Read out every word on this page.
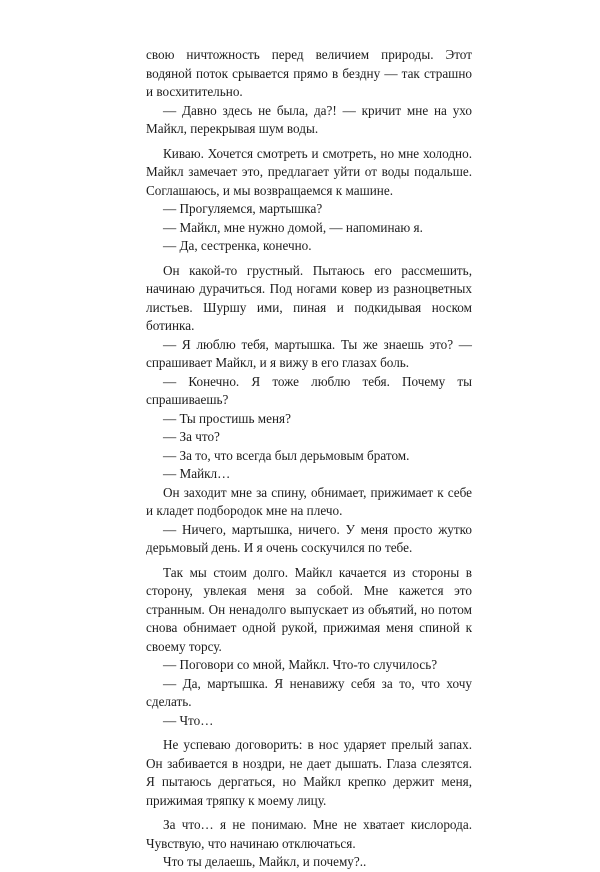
свою ничтожность перед величием природы. Этот водяной поток срывается прямо в бездну — так страшно и восхитительно.

— Давно здесь не была, да?! — кричит мне на ухо Майкл, перекрывая шум воды.

Киваю. Хочется смотреть и смотреть, но мне холодно. Майкл замечает это, предлагает уйти от воды подальше. Соглашаюсь, и мы возвращаемся к машине.

— Прогуляемся, мартышка?

— Майкл, мне нужно домой, — напоминаю я.

— Да, сестренка, конечно.

Он какой-то грустный. Пытаюсь его рассмешить, начинаю дурачиться. Под ногами ковер из разноцветных листьев. Шуршу ими, пиная и подкидывая носком ботинка.

— Я люблю тебя, мартышка. Ты же знаешь это? — спрашивает Майкл, и я вижу в его глазах боль.

— Конечно. Я тоже люблю тебя. Почему ты спрашиваешь?

— Ты простишь меня?

— За что?

— За то, что всегда был дерьмовым братом.

— Майкл…

Он заходит мне за спину, обнимает, прижимает к себе и кладет подбородок мне на плечо.

— Ничего, мартышка, ничего. У меня просто жутко дерьмовый день. И я очень соскучился по тебе.

Так мы стоим долго. Майкл качается из стороны в сторону, увлекая меня за собой. Мне кажется это странным. Он ненадолго выпускает из объятий, но потом снова обнимает одной рукой, прижимая меня спиной к своему торсу.

— Поговори со мной, Майкл. Что-то случилось?

— Да, мартышка. Я ненавижу себя за то, что хочу сделать.

— Что…

Не успеваю договорить: в нос ударяет прелый запах. Он забивается в ноздри, не дает дышать. Глаза слезятся. Я пытаюсь дергаться, но Майкл крепко держит меня, прижимая тряпку к моему лицу.

За что… я не понимаю. Мне не хватает кислорода. Чувствую, что начинаю отключаться.

Что ты делаешь, Майкл, и почему?..
